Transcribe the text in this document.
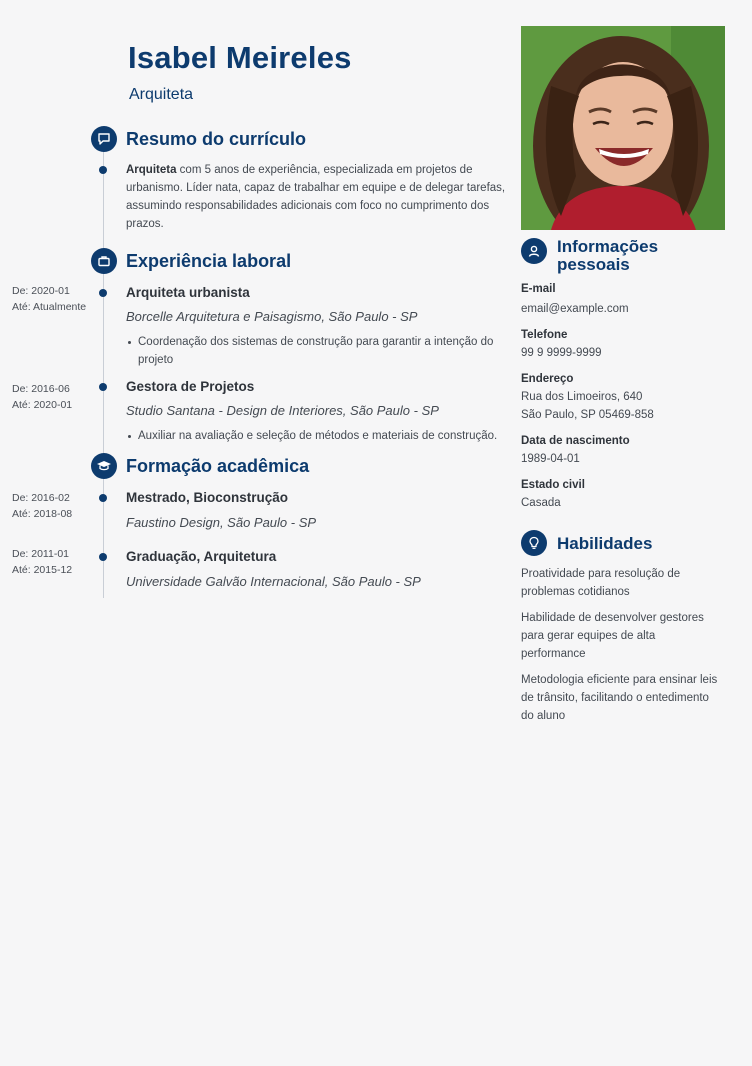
Isabel Meireles
Arquiteta
Resumo do currículo
Arquiteta com 5 anos de experiência, especializada em projetos de urbanismo. Líder nata, capaz de trabalhar em equipe e de delegar tarefas, assumindo responsabilidades adicionais com foco no cumprimento dos prazos.
Experiência laboral
De: 2020-01
Até: Atualmente
Arquiteta urbanista
Borcelle Arquitetura e Paisagismo, São Paulo - SP
Coordenação dos sistemas de construção para garantir a intenção do projeto
De: 2016-06
Até: 2020-01
Gestora de Projetos
Studio Santana - Design de Interiores, São Paulo - SP
Auxiliar na avaliação e seleção de métodos e materiais de construção.
Formação acadêmica
De: 2016-02
Até: 2018-08
Mestrado, Bioconstrução
Faustino Design, São Paulo - SP
De: 2011-01
Até: 2015-12
Graduação, Arquitetura
Universidade Galvão Internacional, São Paulo - SP
Informações
pessoais
E-mail
email@example.com
Telefone
99 9 9999-9999
Endereço
Rua dos Limoeiros, 640
São Paulo, SP 05469-858
Data de nascimento
1989-04-01
Estado civil
Casada
Habilidades
Proatividade para resolução de problemas cotidianos
Habilidade de desenvolver gestores para gerar equipes de alta performance
Metodologia eficiente para ensinar leis de trânsito, facilitando o entedimento do aluno
